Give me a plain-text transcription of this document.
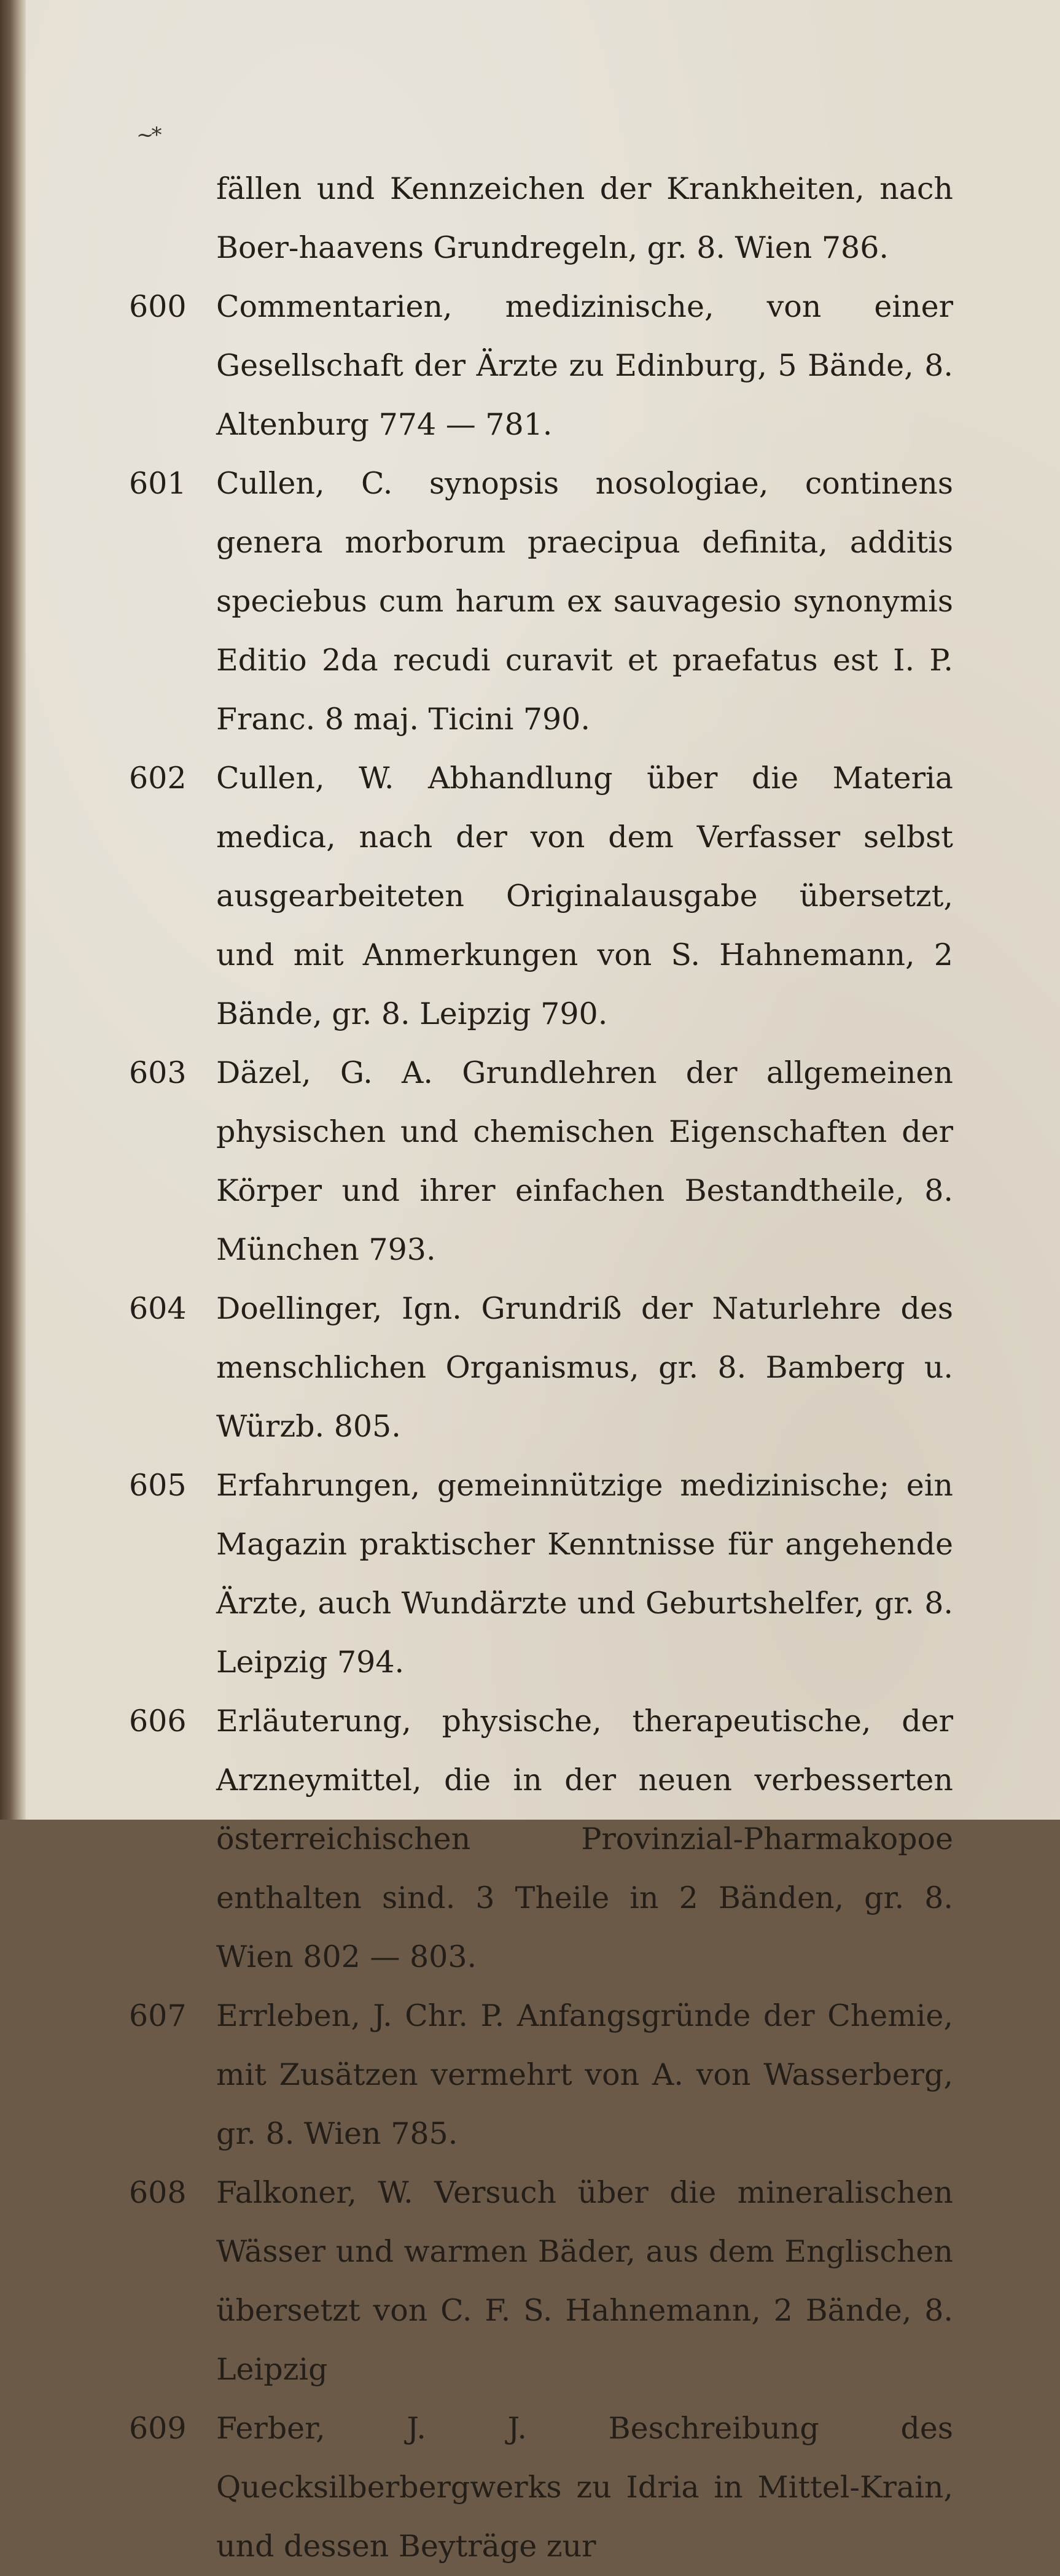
~*
fällen und Kennzeichen der Krankheiten, nach Boer-haavens Grundregeln, gr. 8. Wien 786.
600 Commentarien, medizinische, von einer Gesellschaft der Ärzte zu Edinburg, 5 Bände, 8. Altenburg 774 — 781.
601 Cullen, C. synopsis nosologiae, continens genera morborum praecipua definita, additis speciebus cum harum ex sauvagesio synonymis Editio 2da recudi curavit et praefatus est I. P. Franc. 8 maj. Ticini 790.
602 Cullen, W. Abhandlung über die Materia medica, nach der von dem Verfasser selbst ausgearbeiteten Originalausgabe übersetzt, und mit Anmerkungen von S. Hahnemann, 2 Bände, gr. 8. Leipzig 790.
603 Däzel, G. A. Grundlehren der allgemeinen physischen und chemischen Eigenschaften der Körper und ihrer einfachen Bestandtheile, 8. München 793.
604 Doellinger, Ign. Grundriß der Naturlehre des menschlichen Organismus, gr. 8. Bamberg u. Würzb. 805.
605 Erfahrungen, gemeinnützige medizinische; ein Magazin praktischer Kenntnisse für angehende Ärzte, auch Wundärzte und Geburtshelfer, gr. 8. Leipzig 794.
606 Erläuterung, physische, therapeutische, der Arzneymittel, die in der neuen verbesserten österreichischen Provinzial-Pharmakopoe enthalten sind. 3 Theile in 2 Bänden, gr. 8. Wien 802 — 803.
607 Errleben, J. Chr. P. Anfangsgründe der Chemie, mit Zusätzen vermehrt von A. von Wasserberg, gr. 8. Wien 785.
608 Falkoner, W. Versuch über die mineralischen Wässer und warmen Bäder, aus dem Englischen übersetzt von C. F. S. Hahnemann, 2 Bände, 8. Leipzig
609 Ferber, J. J. Beschreibung des Quecksilberbergwerks zu Idria in Mittel-Krain, und dessen Beyträge zur
